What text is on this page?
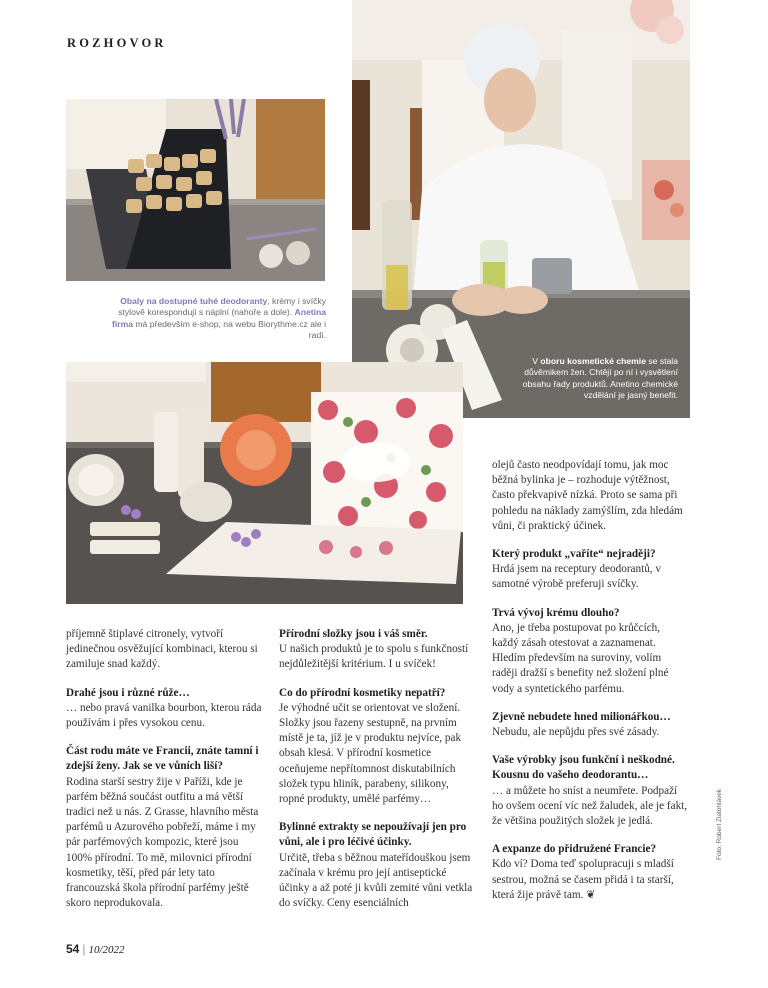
ROZHOVOR
Obaly na dostupné tuhé deodoranty, krémy i svíčky stylově korespondují s náplní (nahoře a dole). Anetina firma má především e-shop, na webu Biorythme.cz ale i radí.
V oboru kosmetické chemie se stala důvěmikem žen. Chtějí po ní i vysvětlení obsahu řady produktů. Anetino chemické vzdělání je jasný benefit.

příjemně štiplavé citronely, vytvoří jedinečnou osvěžující kombinaci, kterou si zamiluje snad každý.

Drahé jsou i různé růže…
… nebo pravá vanilka bourbon, kterou ráda používám i přes vysokou cenu.

Část rodu máte ve Francii, znáte tamní i zdejší ženy. Jak se ve vůních liší?
Rodina starší sestry žije v Paříži, kde je parfém běžná součást outfitu a má větší tradici než u nás. Z Grasse, hlavního města parfémů u Azurového pobřeží, máme i my pár parfémových kompozic, které jsou 100% přírodní. To mě, milovnici přírodní kosmetiky, těší, před pár lety tato francouzská škola přírodní parfémy ještě skoro neprodukovala.

Přírodní složky jsou i váš směr.
U našich produktů je to spolu s funkčností nejdůležitější kritérium. I u svíček!

Co do přírodní kosmetiky nepatří?
Je výhodné učit se orientovat ve složení. Složky jsou řazeny sestupně, na prvním místě je ta, jíž je v produktu nejvíce, pak obsah klesá. V přírodní kosmetice oceňujeme nepřítomnost diskutabilních složek typu hliník, parabeny, silikony, ropné produkty, umělé parfémy…

Bylinné extrakty se nepoužívají jen pro vůni, ale i pro léčivé účinky.
Určitě, třeba s běžnou mateřídouškou jsem začínala v krému pro její antiseptické účinky a až poté ji kvůli zemité vůni vetkla do svíčky. Ceny esenciálních

olejů často neodpovídají tomu, jak moc běžná bylinka je – rozhoduje výtěžnost, často překvapivě nízká. Proto se sama při pohledu na náklady zamýšlím, zda hledám vůni, či praktický účinek.

Který produkt „vaříte“ nejraději?
Hrdá jsem na receptury deodorantů, v samotné výrobě preferuji svíčky.

Trvá vývoj krému dlouho?
Ano, je třeba postupovat po krůčcích, každý zásah otestovat a zaznamenat. Hledím především na suroviny, volím raději dražší s benefity než složení plné vody a syntetického parfému.

Zjevně nebudete hned milionářkou…
Nebudu, ale nepůjdu přes své zásady.

Vaše výrobky jsou funkční i neškodné. Kousnu do vašeho deodorantu…
… a můžete ho sníst a neumřete. Podpaží ho ovšem ocení víc než žaludek, ale je fakt, že většina použitých složek je jedlá.

A expanze do přidružené Francie?
Kdo ví? Doma teď spolupracuji s mladší sestrou, možná se časem přidá i ta starší, která žije právě tam. ❦

54 | 10/2022
Foto: Robert Zlatohlávek
